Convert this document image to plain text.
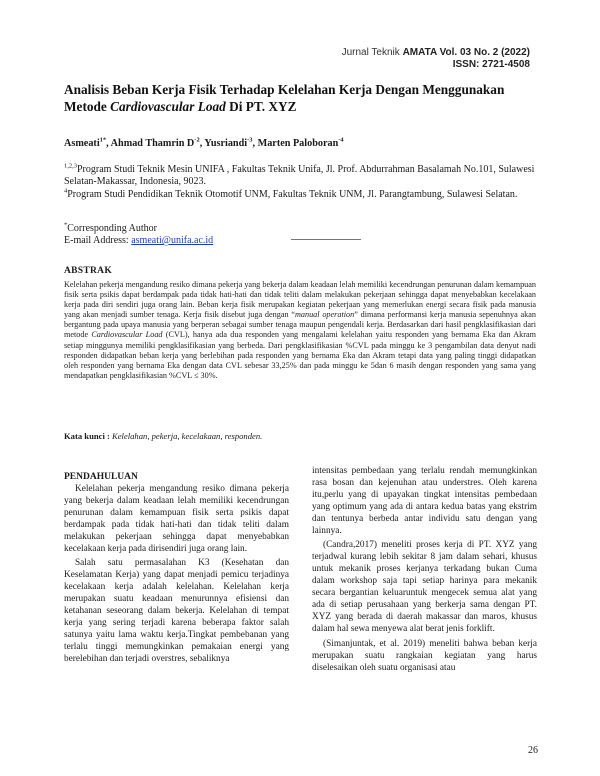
Jurnal Teknik AMATA Vol. 03 No. 2 (2022)
ISSN: 2721-4508
Analisis Beban Kerja Fisik Terhadap Kelelahan Kerja Dengan Menggunakan Metode Cardiovascular Load Di PT. XYZ
Asmeati$^{1*}$, Ahmad Thamrin $D^{-2}$, Yusriandi$^{-3}$, Marten Paloboran$^{-4}$
$^{1,2,3}$Program Studi Teknik Mesin UNIFA , Fakultas Teknik Unifa, Jl. Prof. Abdurrahman Basalamah No.101, Sulawesi Selatan-Makassar, Indonesia, 9023.
$^4$Program Studi Pendidikan Teknik Otomotif UNM, Fakultas Teknik UNM, Jl. Parangtambung, Sulawesi Selatan.
*Corresponding Author
E-mail Address: asmeati@unifa.ac.id
ABSTRAK
Kelelahan pekerja mengandung resiko dimana pekerja yang bekerja dalam keadaan lelah memiliki kecendrungan penurunan dalam kemampuan fisik serta psikis dapat berdampak pada tidak hati-hati dan tidak teliti dalam melakukan pekerjaan sehingga dapat menyebabkan kecelakaan kerja pada diri sendiri juga orang lain. Beban kerja fisik merupakan kegiatan pekerjaan yang memerlukan energi secara fisik pada manusia yang akan menjadi sumber tenaga. Kerja fisik disebut juga dengan “manual operation” dimana performansi kerja manusia sepenuhnya akan bergantung pada upaya manusia yang berperan sebagai sumber tenaga maupun pengendali kerja. Berdasarkan dari hasil pengklasifikasian dari metode Cardiovascular Load (CVL), hanya ada dua responden yang mengalami kelelahan yaitu responden yang bernama Eka dan Akram setiap minggunya memiliki pengklasifikasian yang berbeda. Dari pengklasifikasian %CVL pada minggu ke 3 pengambilan data denyut nadi responden didapatkan beban kerja yang berlebihan pada responden yang bernama Eka dan Akram tetapi data yang paling tinggi didapatkan oleh responden yang bernama Eka dengan data CVL sebesar 33,25% dan pada minggu ke 5dan 6 masih dengan responden yang sama yang mendapatkan pengklasifikasian %CVL ≤ 30%.
Kata kunci : Kelelahan, pekerja, kecelakaan, responden.
PENDAHULUAN

Kelelahan pekerja mengandung resiko dimana pekerja yang bekerja dalam keadaan lelah memiliki kecendrungan penurunan dalam kemampuan fisik serta psikis dapat berdampak pada tidak hati-hati dan tidak teliti dalam melakukan pekerjaan sehingga dapat menyebabkan kecelakaan kerja pada dirisendiri juga orang lain.

Salah satu permasalahan K3 (Kesehatan dan Keselamatan Kerja) yang dapat menjadi pemicu terjadinya kecelakaan kerja adalah kelelahan. Kelelahan kerja merupakan suatu keadaan menurunnya efisiensi dan ketahanan seseorang dalam bekerja. Kelelahan di tempat kerja yang sering terjadi karena beberapa faktor salah satunya yaitu lama waktu kerja.Tingkat pembebanan yang terlalu tinggi memungkinkan pemakaian energi yang berelebihan dan terjadi overstres, sebaliknya

intensitas pembedaan yang terlalu rendah memungkinkan rasa bosan dan kejenuhan atau understres. Oleh karena itu,perlu yang di upayakan tingkat intensitas pembedaan yang optimum yang ada di antara kedua batas yang ekstrim dan tentunya berbeda antar individu satu dengan yang lainnya.

(Candra,2017) meneliti proses kerja di PT. XYZ yang terjadwal kurang lebih sekitar 8 jam dalam sehari, khusus untuk mekanik proses kerjanya terkadang bukan Cuma dalam workshop saja tapi setiap harinya para mekanik secara bergantian keluaruntuk mengecek semua alat yang ada di setiap perusahaan yang berkerja sama dengan PT. XYZ yang berada di daerah makassar dan maros, khusus dalam hal sewa menyewa alat berat jenis forklift.

(Simanjuntak, et al. 2019) meneliti bahwa beban kerja merupakan suatu rangkaian kegiatan yang harus diselesaikan oleh suatu organisasi atau

26
